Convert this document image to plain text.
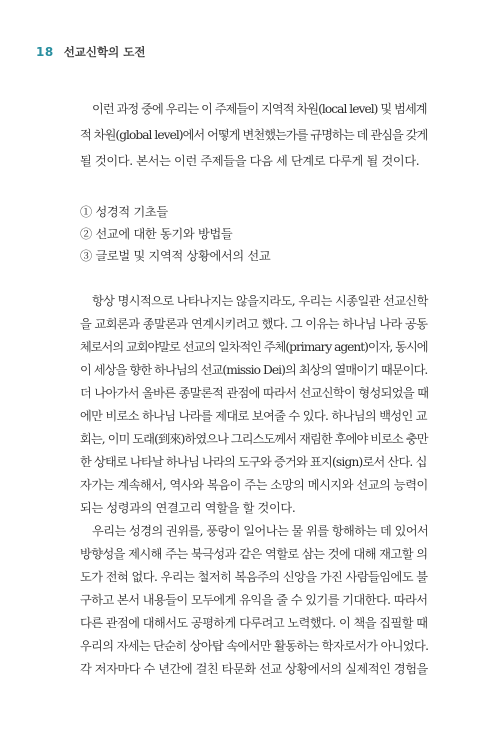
18 선교신학의 도전
이런 과정 중에 우리는 이 주제들이 지역적 차원(local level) 및 범세계
적 차원(global level)에서 어떻게 변천했는가를 규명하는 데 관심을 갖게
될 것이다. 본서는 이런 주제들을 다음 세 단계로 다루게 될 것이다.
① 성경적 기초들
② 선교에 대한 동기와 방법들
③ 글로벌 및 지역적 상황에서의 선교
항상 명시적으로 나타나지는 않을지라도, 우리는 시종일관 선교신학
을 교회론과 종말론과 연계시키려고 했다. 그 이유는 하나님 나라 공동
체로서의 교회야말로 선교의 일차적인 주체(primary agent)이자, 동시에
이 세상을 향한 하나님의 선교(missio Dei)의 최상의 열매이기 때문이다.
더 나아가서 올바른 종말론적 관점에 따라서 선교신학이 형성되었을 때
에만 비로소 하나님 나라를 제대로 보여줄 수 있다. 하나님의 백성인 교
회는, 이미 도래(到來)하였으나 그리스도께서 재림한 후에야 비로소 충만
한 상태로 나타날 하나님 나라의 도구와 증거와 표지(sign)로서 산다. 십
자가는 계속해서, 역사와 복음이 주는 소망의 메시지와 선교의 능력이
되는 성령과의 연결고리 역할을 할 것이다.
우리는 성경의 권위를, 풍랑이 일어나는 물 위를 항해하는 데 있어서
방향성을 제시해 주는 북극성과 같은 역할로 삼는 것에 대해 재고할 의
도가 전혀 없다. 우리는 철저히 복음주의 신앙을 가진 사람들임에도 불
구하고 본서 내용들이 모두에게 유익을 줄 수 있기를 기대한다. 따라서
다른 관점에 대해서도 공평하게 다루려고 노력했다. 이 책을 집필할 때
우리의 자세는 단순히 상아탑 속에서만 활동하는 학자로서가 아니었다.
각 저자마다 수 년간에 걸친 타문화 선교 상황에서의 실제적인 경험을
